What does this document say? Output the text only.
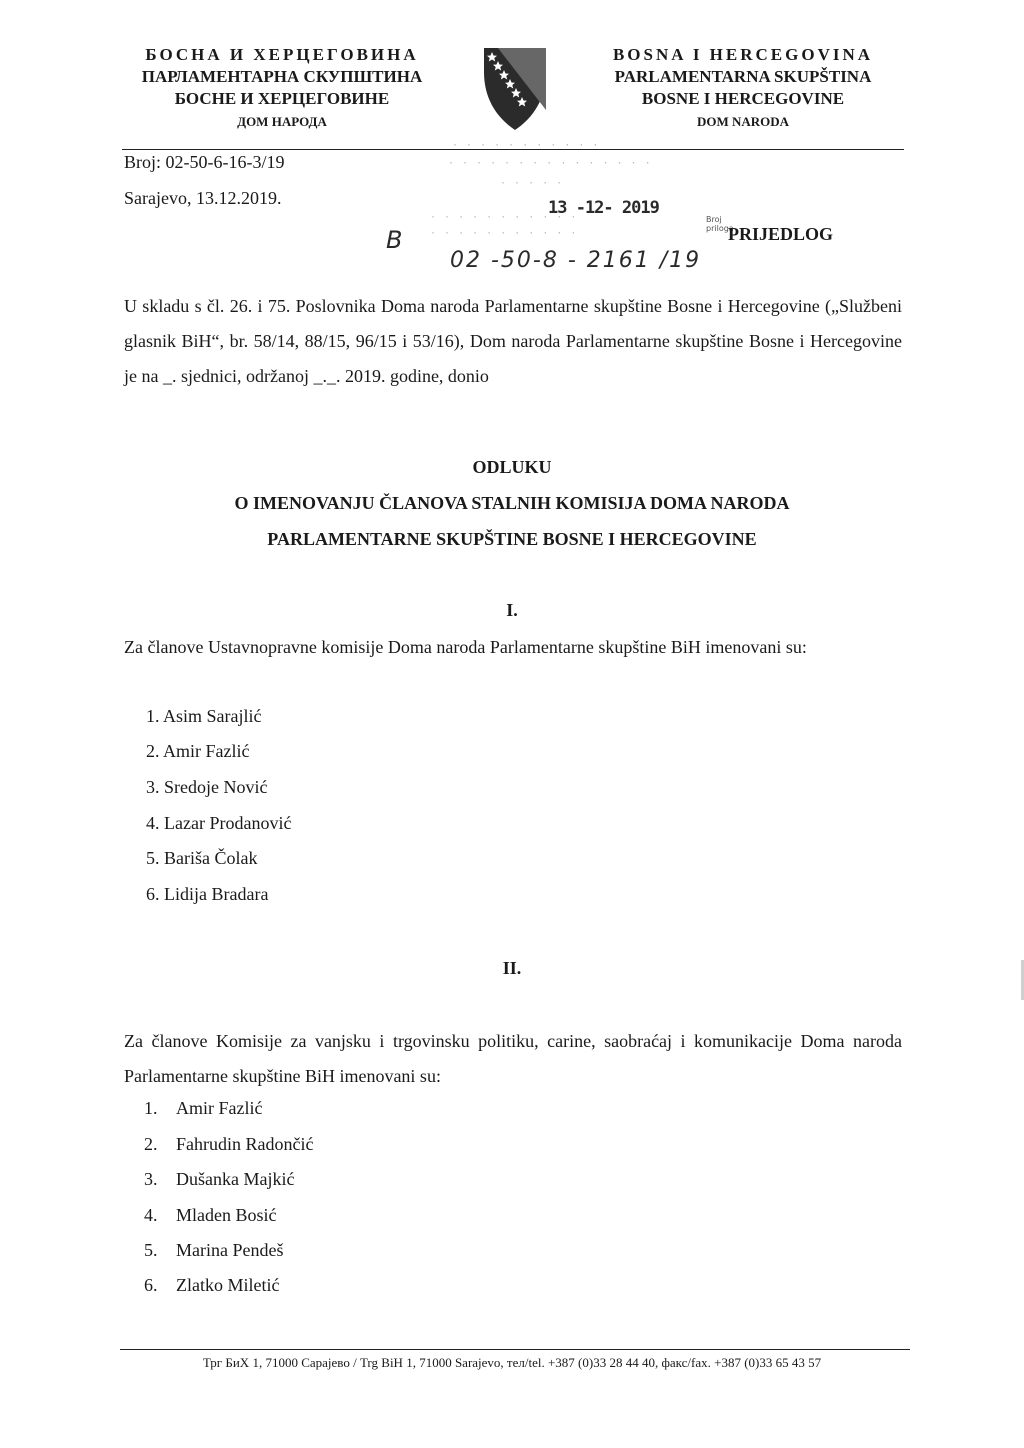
БОСНА И ХЕРЦЕГОВИНА
ПАРЛАМЕНТАРНА СКУПШТИНА
БОСНЕ И ХЕРЦЕГОВИНЕ
ДОМ НАРОДА
BOSNA I HERCEGOVINA
PARLAMENTARNA SKUPŠTINA
BOSNE I HERCEGOVINE
DOM NARODA
Broj: 02-50-6-16-3/19
Sarajevo, 13.12.2019.
· · · · · · · · · · ·
· · · · · · · · · · · · · · ·
· · · · ·
· · · · · · · · · · ·
· · · · · · · · · · ·
13 -12- 2019
Broj
priloga
B
02 -50-8 - 2161 /19
PRIJEDLOG
U skladu s čl. 26. i 75. Poslovnika Doma naroda Parlamentarne skupštine Bosne i Hercegovine („Službeni glasnik BiH“, br. 58/14, 88/15, 96/15 i 53/16), Dom naroda Parlamentarne skupštine Bosne i Hercegovine je na _. sjednici, održanoj _._. 2019. godine, donio
ODLUKU
O IMENOVANJU ČLANOVA STALNIH KOMISIJA DOMA NARODA
PARLAMENTARNE SKUPŠTINE BOSNE I HERCEGOVINE
I.
Za članove Ustavnopravne komisije Doma naroda Parlamentarne skupštine BiH imenovani su:
1. Asim Sarajlić
2. Amir Fazlić
3. Sredoje Nović
4. Lazar Prodanović
5. Bariša Čolak
6. Lidija Bradara
II.
Za članove Komisije za vanjsku i trgovinsku politiku, carine, saobraćaj i komunikacije Doma naroda Parlamentarne skupštine BiH imenovani su:
1. Amir Fazlić
2. Fahrudin Radončić
3. Dušanka Majkić
4. Mladen Bosić
5. Marina Pendeš
6. Zlatko Miletić
Трг БиХ 1, 71000 Сарајево / Trg BiH 1, 71000 Sarajevo, тел/tel. +387 (0)33 28 44 40, факс/fax. +387 (0)33 65 43 57
